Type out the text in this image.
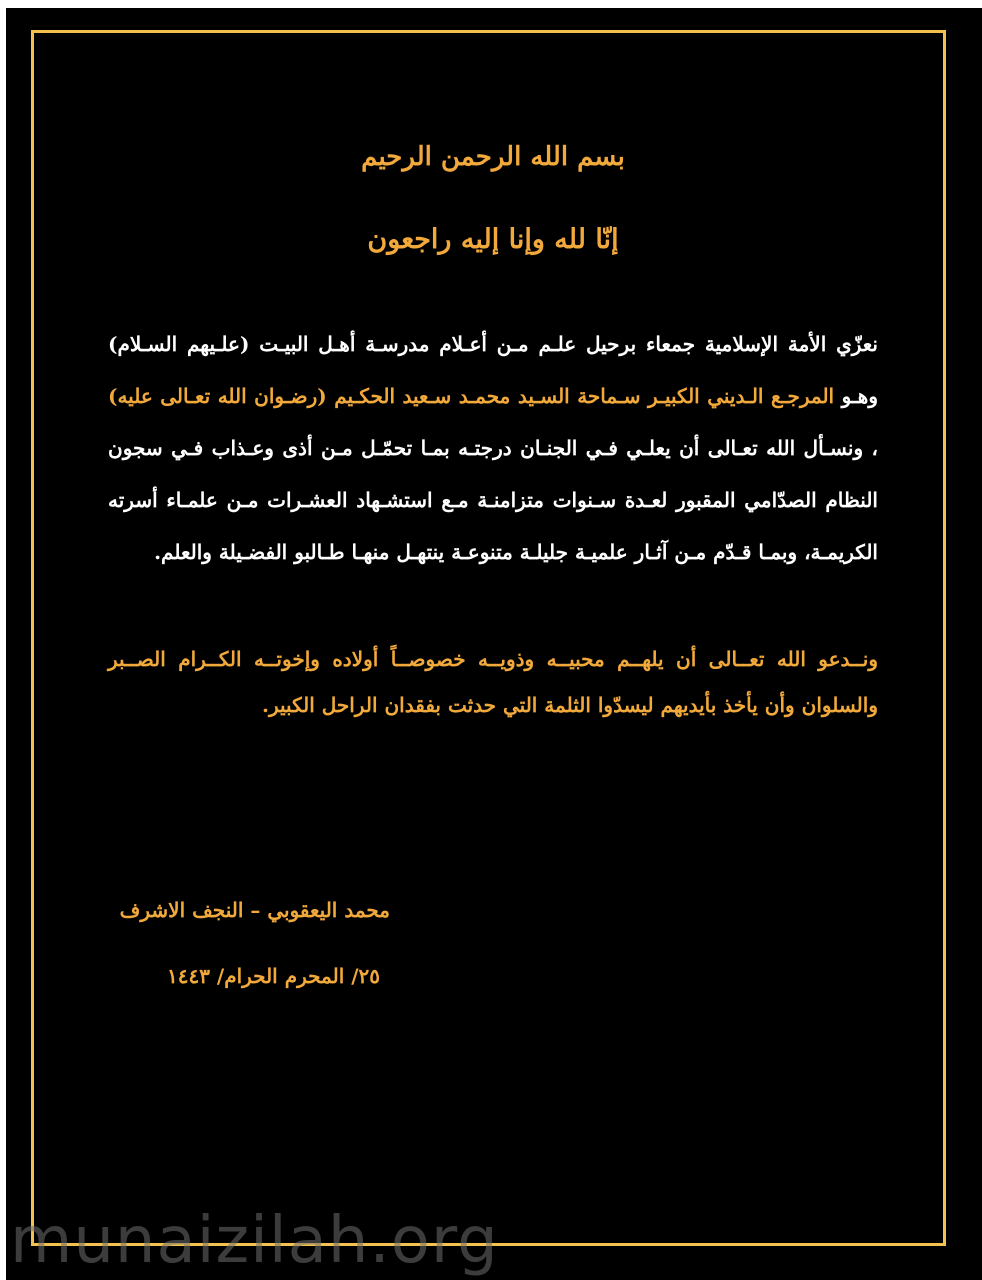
بسم الله الرحمن الرحيم
إنّا لله وإنا إليه راجعون
نعزّي الأمة الإسلامية جمعاء برحيل علـم مـن أعـلام مدرسـة أهـل البيـت (علـيهم السـلام) وهـو المرجـع الـديني الكبيـر سـماحة السـيد محمـد سـعيد الحكـيم (رضـوان الله تعـالى عليه) ، ونسـأل الله تعـالى أن يعلـي فـي الجنـان درجتـه بمـا تحمّـل مـن أذى وعـذاب فـي سجون النظام الصدّامي المقبور لعـدة سـنوات متزامنـة مـع استشـهاد العشـرات مـن علمـاء أسرته الكريمـة، وبمـا قـدّم مـن آثـار علميـة جليلـة متنوعـة ينتهـل منهـا طـالبو الفضـيلة والعلم.
ونــدعو الله تعــالى أن يلهــم محبيــه وذويــه خصوصــاً أولاده وإخوتــه الكــرام الصــبر والسلوان وأن يأخذ بأيديهم ليسدّوا الثلمة التي حدثت بفقدان الراحل الكبير.
محمد اليعقوبي – النجف الاشرف
٢٥/ المحرم الحرام/ ١٤٤٣
munaizilah.org
